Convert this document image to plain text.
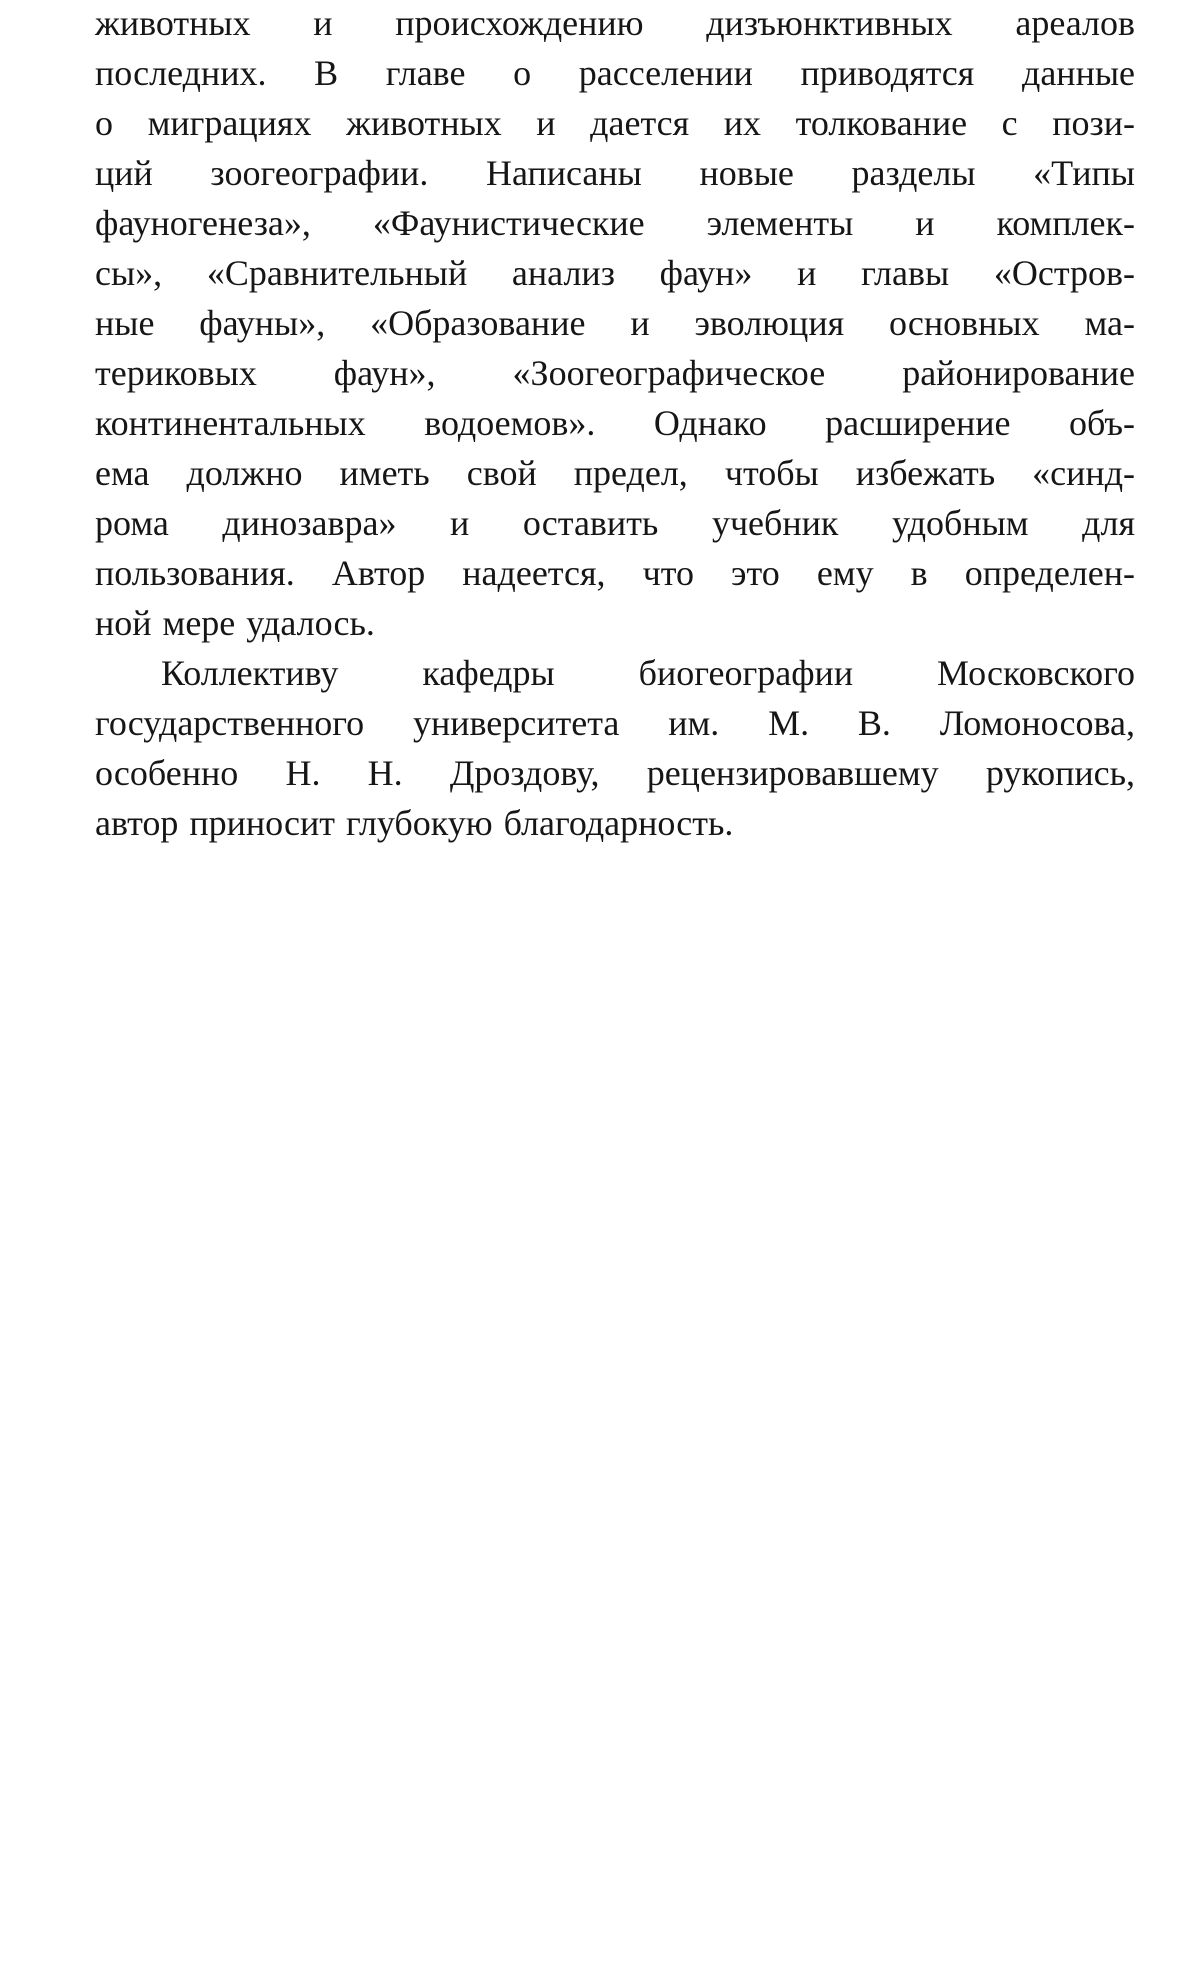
животных и происхождению дизъюнктивных ареалов
последних. В главе о расселении приводятся данные
о миграциях животных и дается их толкование с пози-
ций зоогеографии. Написаны новые разделы «Типы
фауногенеза», «Фаунистические элементы и комплек-
сы», «Сравнительный анализ фаун» и главы «Остров-
ные фауны», «Образование и эволюция основных ма-
териковых фаун», «Зоогеографическое районирование
континентальных водоемов». Однако расширение объ-
ема должно иметь свой предел, чтобы избежать «синд-
рома динозавра» и оставить учебник удобным для
пользования. Автор надеется, что это ему в определен-
ной мере удалось.
Коллективу кафедры биогеографии Московского
государственного университета им. М. В. Ломоносова,
особенно Н. Н. Дроздову, рецензировавшему рукопись,
автор приносит глубокую благодарность.
